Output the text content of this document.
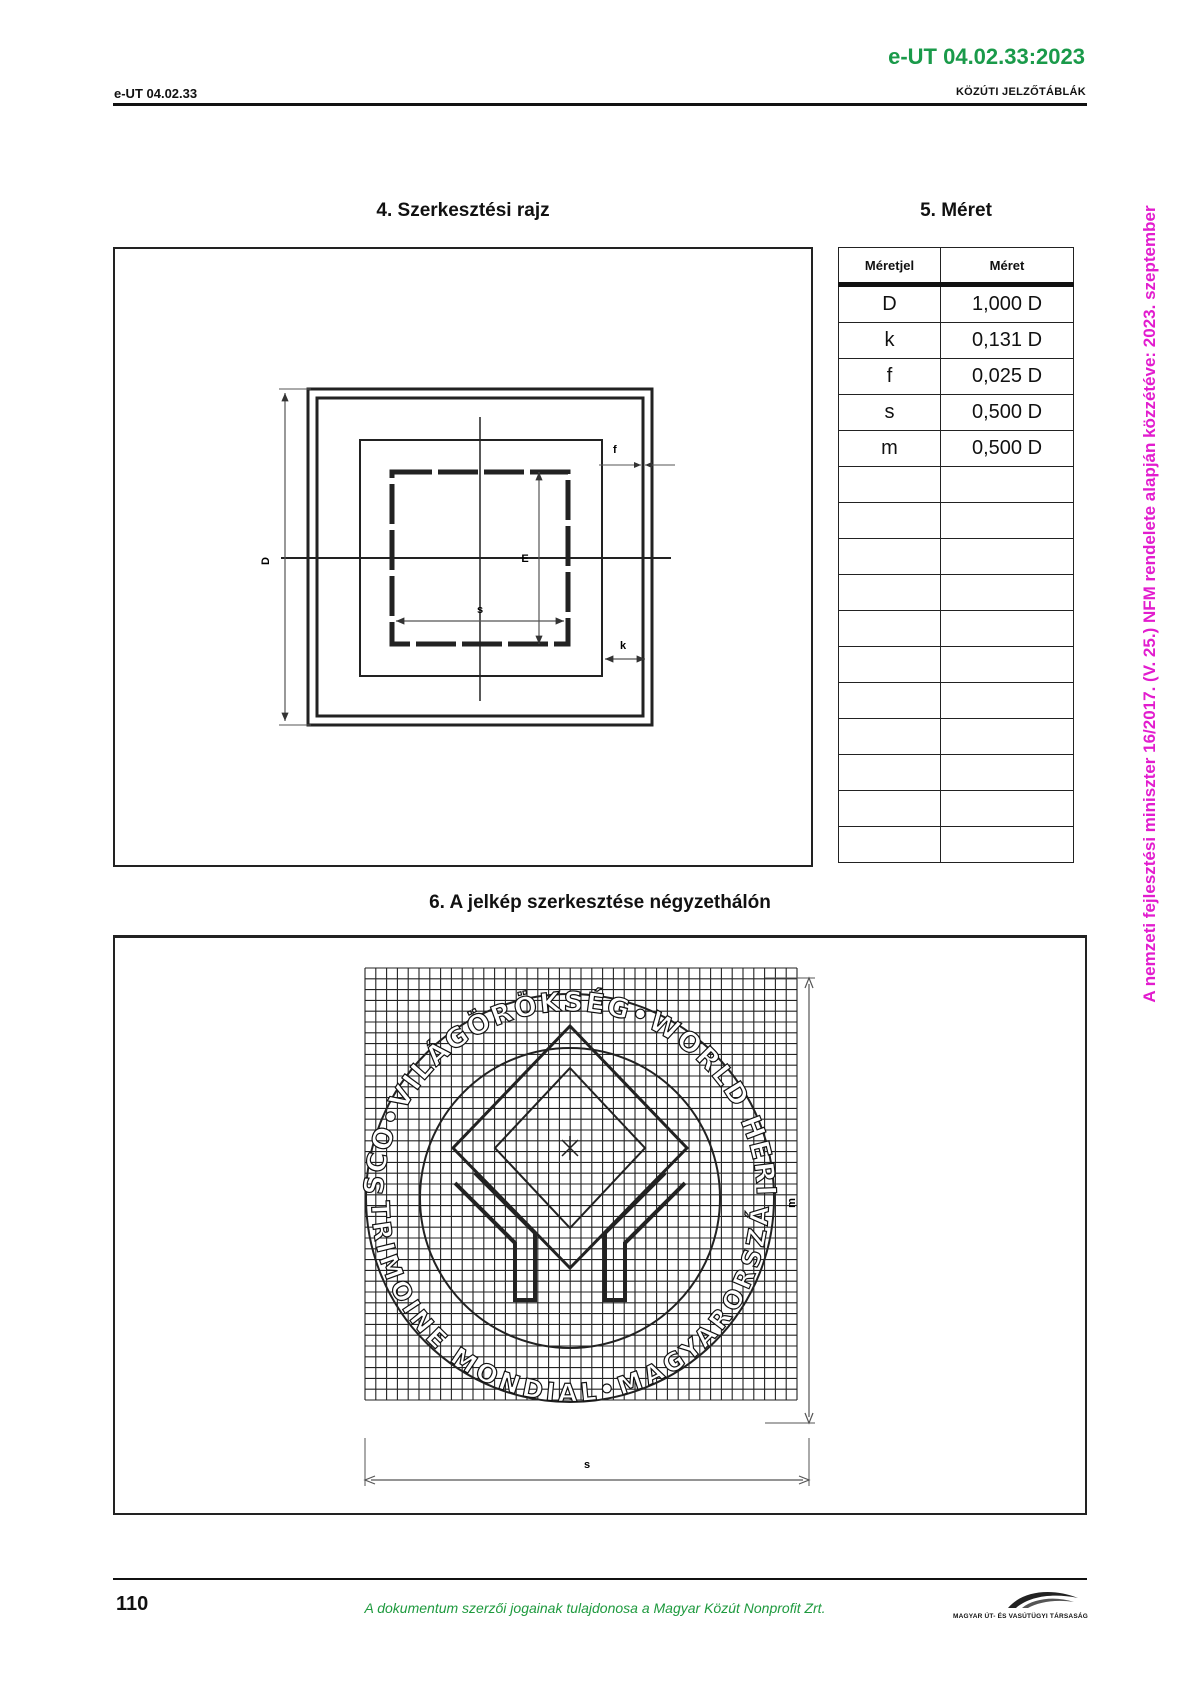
e-UT 04.02.33:2023
e-UT 04.02.33	KÖZÚTI JELZŐTÁBLÁK
A nemzeti fejlesztési miniszter 16/2017. (V. 25.) NFM rendelete alapján közzétéve: 2023. szeptember
4. Szerkesztési rajz
D	E
s
f
k
5. Méret
Méretjel	Méret
D	1,000 D
k	0,131 D
f	0,025 D
s	0,500 D
m	0,500 D

6. A jelkép szerkesztése négyzethálón
SCO•VILÁGÖRÖKSÉG•WORLD HERI
TRIMOINE MONDIAL•MAGYARORSZÁ
m
s
110	A dokumentum szerzői jogainak tulajdonosa a Magyar Közút Nonprofit Zrt.
MAGYAR ÚT- ÉS VASÚTÜGYI TÁRSASÁG
